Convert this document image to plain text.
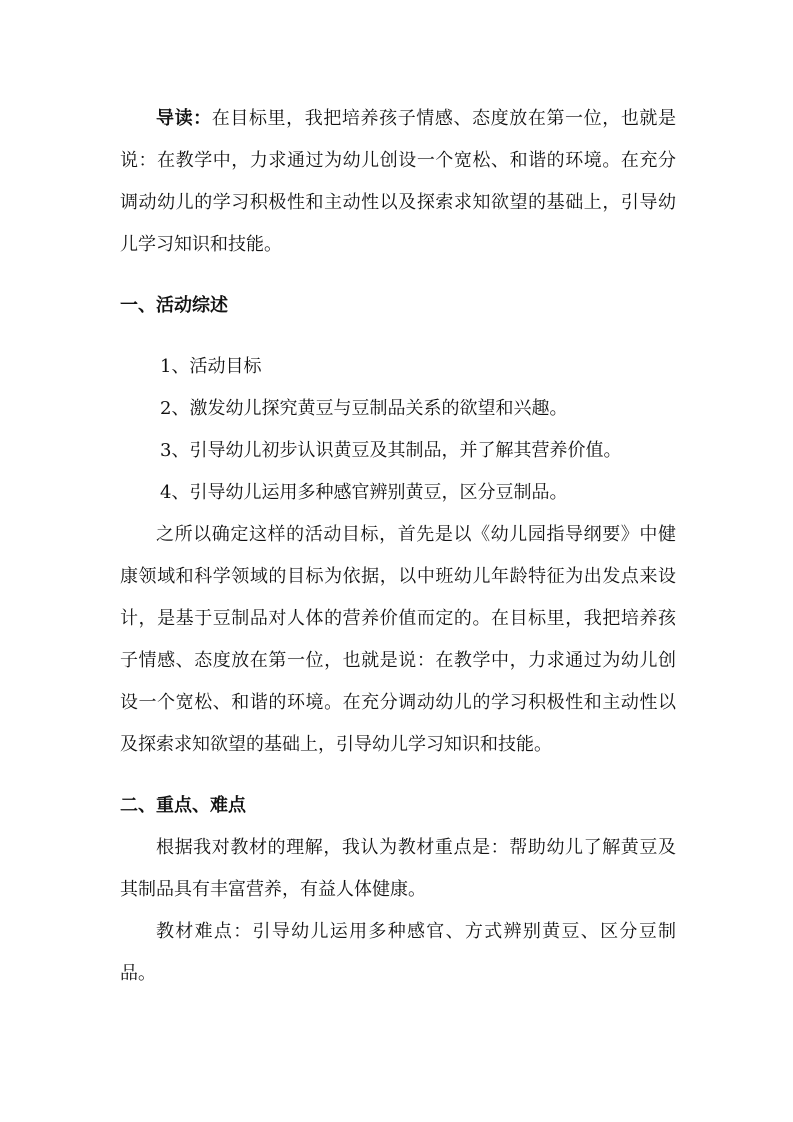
导读：在目标里，我把培养孩子情感、态度放在第一位，也就是说：在教学中，力求通过为幼儿创设一个宽松、和谐的环境。在充分调动幼儿的学习积极性和主动性以及探索求知欲望的基础上，引导幼儿学习知识和技能。

一、活动综述

1、活动目标

2、激发幼儿探究黄豆与豆制品关系的欲望和兴趣。

3、引导幼儿初步认识黄豆及其制品，并了解其营养价值。

4、引导幼儿运用多种感官辨别黄豆，区分豆制品。

之所以确定这样的活动目标，首先是以《幼儿园指导纲要》中健康领域和科学领域的目标为依据，以中班幼儿年龄特征为出发点来设计，是基于豆制品对人体的营养价值而定的。在目标里，我把培养孩子情感、态度放在第一位，也就是说：在教学中，力求通过为幼儿创设一个宽松、和谐的环境。在充分调动幼儿的学习积极性和主动性以及探索求知欲望的基础上，引导幼儿学习知识和技能。

二、重点、难点

根据我对教材的理解，我认为教材重点是：帮助幼儿了解黄豆及其制品具有丰富营养，有益人体健康。

教材难点：引导幼儿运用多种感官、方式辨别黄豆、区分豆制品。
